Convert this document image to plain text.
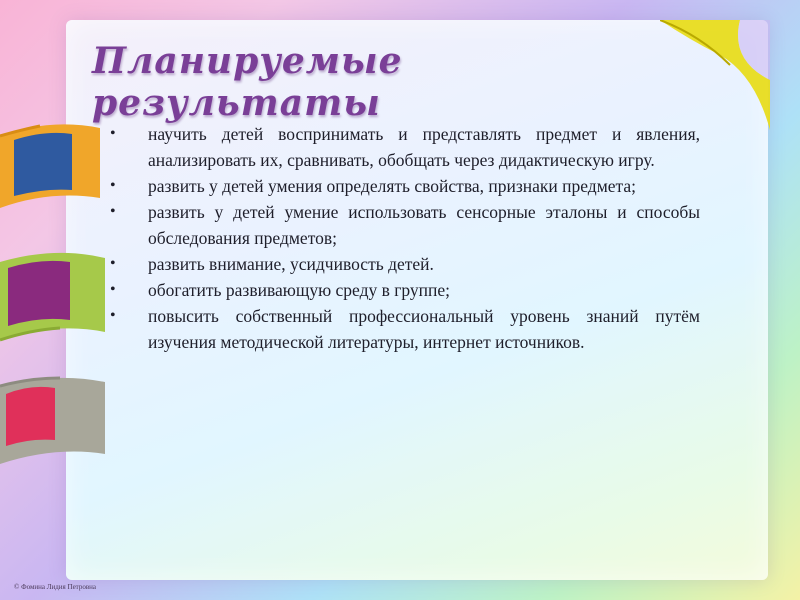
Планируемые результаты
• научить детей воспринимать и представлять предмет и явления, анализировать их, сравнивать, обобщать через дидактическую игру.
• развить у детей умения определять свойства, признаки предмета;
• развить у детей умение использовать сенсорные эталоны и способы обследования предметов;
• развить внимание, усидчивость детей.
• обогатить развивающую среду в группе;
• повысить собственный профессиональный уровень знаний путём изучения методической литературы, интернет источников.
© Фомина Лидия Петровна
